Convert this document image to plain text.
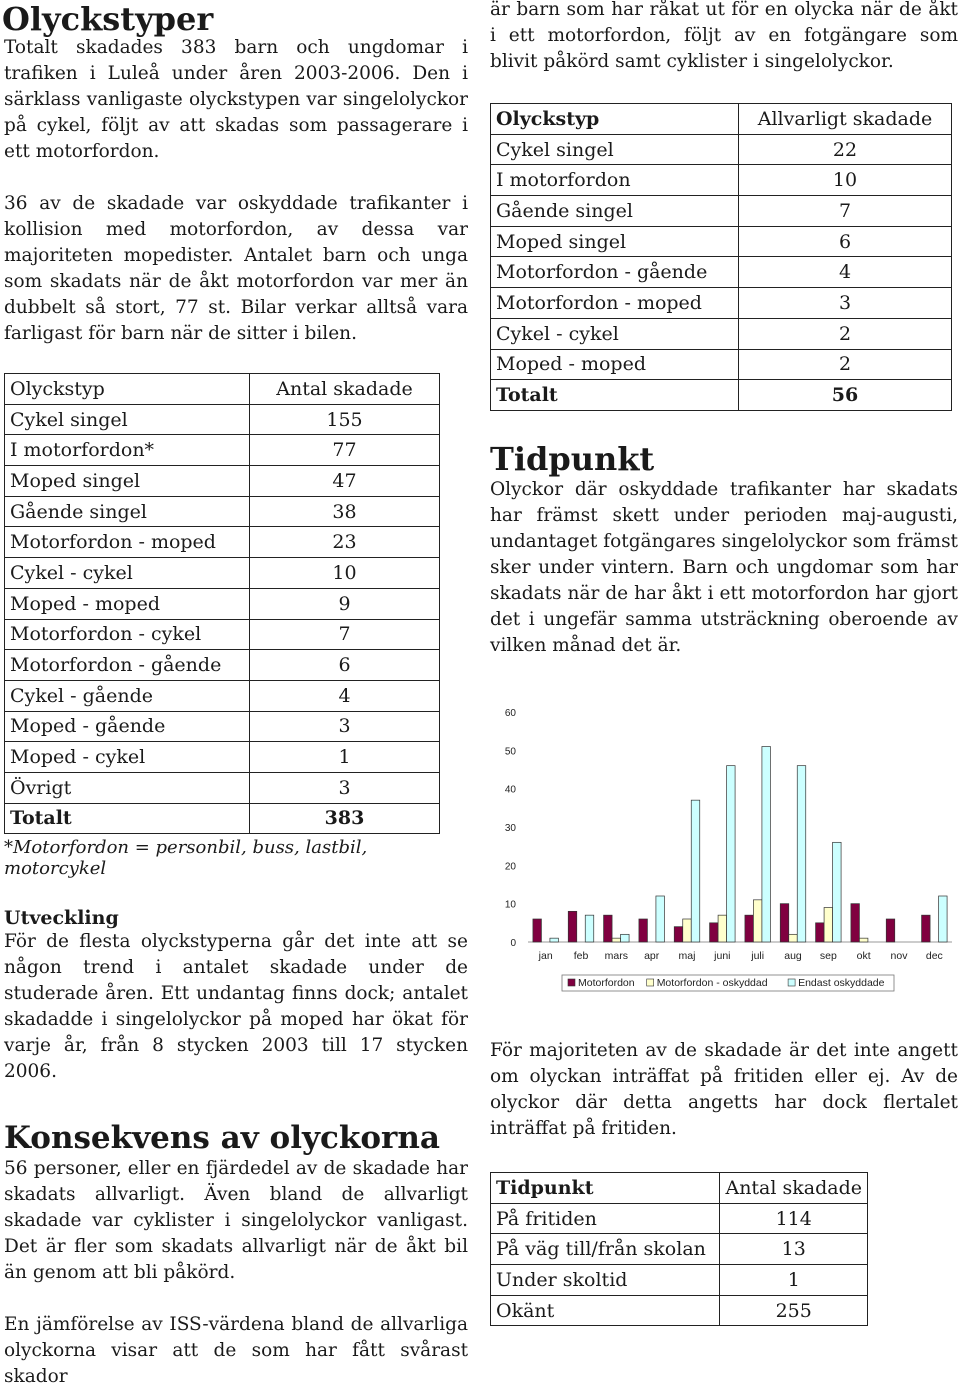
Olyckstyper

Totalt skadades 383 barn och ungdomar i trafiken i Luleå under åren 2003-2006. Den i särklass vanligaste olyckstypen var singelolyckor på cykel, följt av att skadas som passagerare i ett motorfordon.

36 av de skadade var oskyddade trafikanter i kollision med motorfordon, av dessa var majoriteten mopedister. Antalet barn och unga som skadats när de åkt motorfordon var mer än dubbelt så stort, 77 st. Bilar verkar alltså vara farligast för barn när de sitter i bilen.

Olyckstyp	Antal skadade
Cykel singel	155
I motorfordon*	77
Moped singel	47
Gående singel	38
Motorfordon - moped	23
Cykel - cykel	10
Moped - moped	9
Motorfordon - cykel	7
Motorfordon - gående	6
Cykel - gående	4
Moped - gående	3
Moped - cykel	1
Övrigt	3
Totalt	383

*Motorfordon = personbil, buss, lastbil, motorcykel

Utveckling

För de flesta olyckstyperna går det inte att se någon trend i antalet skadade under de studerade åren. Ett undantag finns dock; antalet skadadde i singelolyckor på moped har ökat för varje år, från 8 stycken 2003 till 17 stycken 2006.

Konsekvens av olyckorna

56 personer, eller en fjärdedel av de skadade har skadats allvarligt. Även bland de allvarligt skadade var cyklister i singelolyckor vanligast. Det är fler som skadats allvarligt när de åkt bil än genom att bli påkörd.

En jämförelse av ISS-värdena bland de allvarliga olyckorna visar att de som har fått svårast skador

är barn som har råkat ut för en olycka när de åkt i ett motorfordon, följt av en fotgängare som blivit påkörd samt cyklister i singelolyckor.

Olyckstyp	Allvarligt skadade
Cykel singel	22
I motorfordon	10
Gående singel	7
Moped singel	6
Motorfordon - gående	4
Motorfordon - moped	3
Cykel - cykel	2
Moped - moped	2
Totalt	56
Tidpunkt

Olyckor där oskyddade trafikanter har skadats har främst skett under perioden maj-augusti, undantaget fotgängares singelolyckor som främst sker under vintern. Barn och ungdomar som har skadats när de har åkt i ett motorfordon har gjort det i ungefär samma utsträckning oberoende av vilken månad det är.

0
10
20
30
40
50
60
jan feb mars apr maj juni juli aug sep okt nov dec
Motorfordon Motorfordon - oskyddad	Endast oskyddade

För majoriteten av de skadade är det inte angett om olyckan inträffat på fritiden eller ej. Av de olyckor där detta angetts har dock flertalet inträffat på fritiden.

Tidpunkt	Antal skadade
På fritiden	114
På väg till/från skolan	13
Under skoltid	1
Okänt	255
